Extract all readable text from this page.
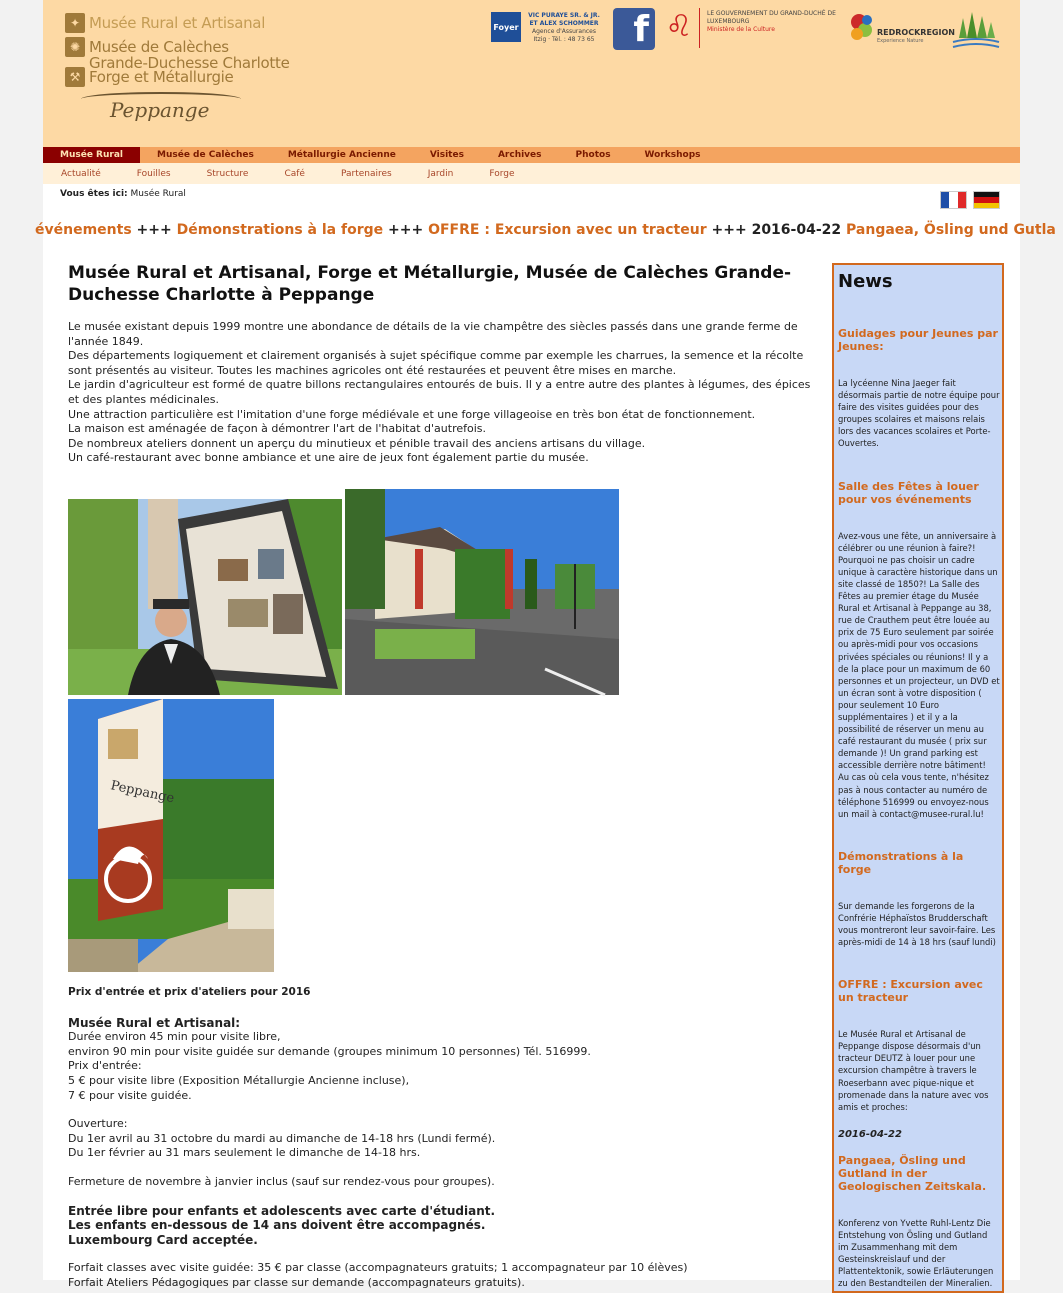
✦ Musée Rural et Artisanal
✺ Musée de Calèches
Grande-Duchesse Charlotte
⚒ Forge et Métallurgie
Peppange
Foyer
VIC PURAYE SR. & JR. ET ALEX SCHOMMER
Agence d'Assurances Itzig · Tél. : 48 73 65	f ♌ LE GOUVERNEMENT DU GRAND-DUCHÉ DE LUXEMBOURG
Ministère de la Culture	REDROCKREGION
Experience Nature
Musée Rural	Musée de Calèches	Métallurgie Ancienne	Visites	Archives	Photos	Workshops
Actualité	Fouilles	Structure	Café	Partenaires	Jardin	Forge
Vous êtes ici: Musée Rural
événements +++ Démonstrations à la forge +++ OFFRE : Excursion avec un tracteur +++ 2016-04-22 Pangaea, Ösling und Gutla
Musée Rural et Artisanal, Forge et Métallurgie, Musée de Calèches Grande-Duchesse Charlotte à Peppange
Le musée existant depuis 1999 montre une abondance de détails de la vie champêtre des siècles passés dans une grande ferme de l'année 1849.
Des départements logiquement et clairement organisés à sujet spécifique comme par exemple les charrues, la semence et la récolte sont présentés au visiteur. Toutes les machines agricoles ont été restaurées et peuvent être mises en marche.
Le jardin d'agriculteur est formé de quatre billons rectangulaires entourés de buis. Il y a entre autre des plantes à légumes, des épices et des plantes médicinales.
Une attraction particulière est l'imitation d'une forge médiévale et une forge villageoise en très bon état de fonctionnement.
La maison est aménagée de façon à démontrer l'art de l'habitat d'autrefois.
De nombreux ateliers donnent un aperçu du minutieux et pénible travail des anciens artisans du village.
Un café-restaurant avec bonne ambiance et une aire de jeux font également partie du musée.
Peppange
Prix d'entrée et prix d'ateliers pour 2016
Musée Rural et Artisanal:
Durée environ 45 min pour visite libre,
environ 90 min pour visite guidée sur demande (groupes minimum 10 personnes) Tél. 516999.
Prix d'entrée:
5 € pour visite libre (Exposition Métallurgie Ancienne incluse),
7 € pour visite guidée.
Ouverture:
Du 1er avril au 31 octobre du mardi au dimanche de 14-18 hrs (Lundi fermé).
Du 1er février au 31 mars seulement le dimanche de 14-18 hrs.
Fermeture de novembre à janvier inclus (sauf sur rendez-vous pour groupes).
Entrée libre pour enfants et adolescents avec carte d'étudiant.
Les enfants en-dessous de 14 ans doivent être accompagnés.
Luxembourg Card acceptée.
Forfait classes avec visite guidée: 35 € par classe (accompagnateurs gratuits; 1 accompagnateur par 10 élèves)
Forfait Ateliers Pédagogiques par classe sur demande (accompagnateurs gratuits).
News
Guidages pour Jeunes par Jeunes:
La lycéenne Nina Jaeger fait désormais partie de notre équipe pour faire des visites guidées pour des groupes scolaires et maisons relais lors des vacances scolaires et Porte-Ouvertes.
Salle des Fêtes à louer pour vos événements
Avez-vous une fête, un anniversaire à célébrer ou une réunion à faire?! Pourquoi ne pas choisir un cadre unique à caractère historique dans un site classé de 1850?! La Salle des Fêtes au premier étage du Musée Rural et Artisanal à Peppange au 38, rue de Crauthem peut être louée au prix de 75 Euro seulement par soirée ou après-midi pour vos occasions privées spéciales ou réunions! Il y a de la place pour un maximum de 60 personnes et un projecteur, un DVD et un écran sont à votre disposition ( pour seulement 10 Euro supplémentaires ) et il y a la possibilité de réserver un menu au café restaurant du musée ( prix sur demande )! Un grand parking est accessible derrière notre bâtiment!
Au cas où cela vous tente, n'hésitez pas à nous contacter au numéro de téléphone 516999 ou envoyez-nous un mail à contact@musee-rural.lu!
Démonstrations à la forge
Sur demande les forgerons de la Confrérie Héphaïstos Brudderschaft vous montreront leur savoir-faire. Les après-midi de 14 à 18 hrs (sauf lundi)
OFFRE : Excursion avec un tracteur
Le Musée Rural et Artisanal de Peppange dispose désormais d'un tracteur DEUTZ à louer pour une excursion champêtre à travers le Roeserbann avec pique-nique et promenade dans la nature avec vos amis et proches:
2016-04-22
Pangaea, Ösling und Gutland in der Geologischen Zeitskala.
Konferenz von Yvette Ruhl-Lentz Die Entstehung von Ösling und Gutland im Zusammenhang mit dem Gesteinskreislauf und der Plattentektonik, sowie Erläuterungen zu den Bestandteilen der Mineralien.
